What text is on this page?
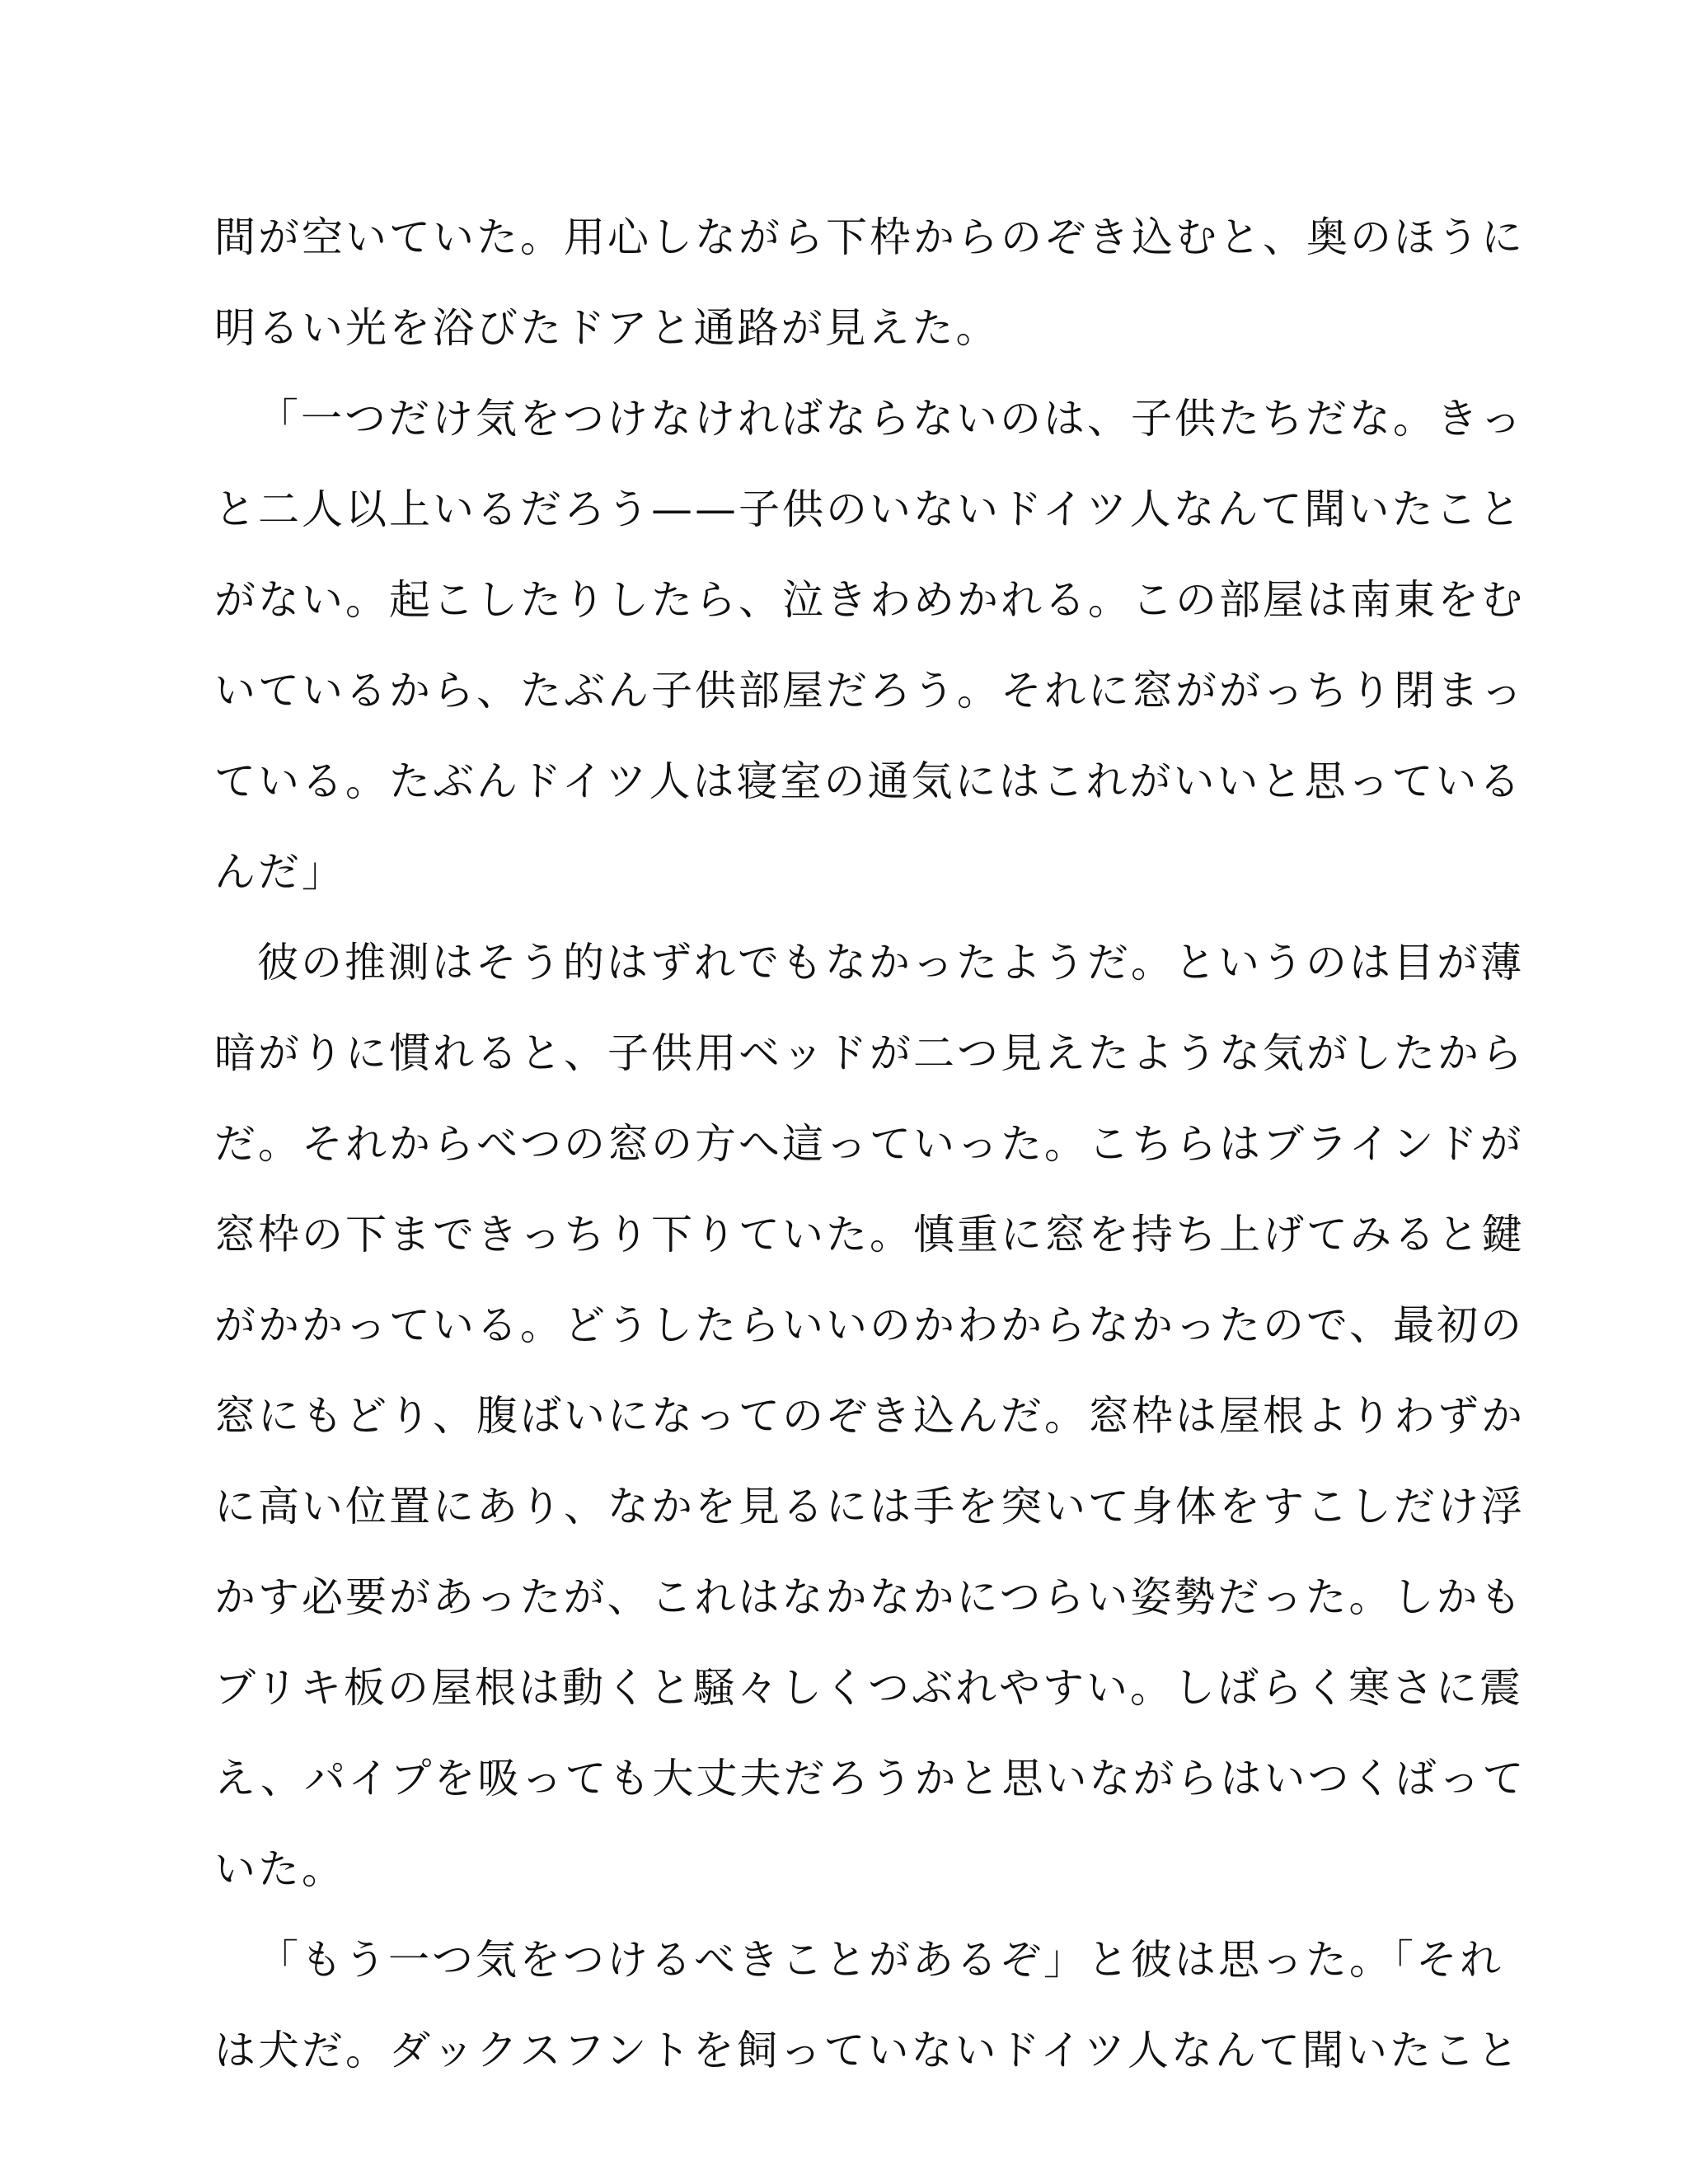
間が空いていた。用心しながら下枠からのぞき込むと、奥のほうに
明るい光を浴びたドアと通路が見えた。
「一つだけ気をつけなければならないのは、子供たちだな。きっ
と二人以上いるだろう——子供のいないドイツ人なんて聞いたこと
がない。起こしたりしたら、泣きわめかれる。この部屋は南東をむ
いているから、たぶん子供部屋だろう。それに窓ががっちり閉まっ
ている。たぶんドイツ人は寝室の通気にはこれがいいと思っている
んだ」
彼の推測はそう的はずれでもなかったようだ。というのは目が薄
暗がりに慣れると、子供用ベッドが二つ見えたような気がしたから
だ。それからべつの窓の方へ這っていった。こちらはブラインドが
窓枠の下まできっちり下りていた。慎重に窓を持ち上げてみると鍵
がかかっている。どうしたらいいのかわからなかったので、最初の
窓にもどり、腹ばいになってのぞき込んだ。窓枠は屋根よりわずか
に高い位置にあり、なかを見るには手を突いて身体をすこしだけ浮
かす必要があったが、これはなかなかにつらい姿勢だった。しかも
ブリキ板の屋根は動くと騒々しくつぶれやすい。しばらく寒さに震
え、パイプを吸っても大丈夫だろうかと思いながらはいつくばって
いた。
「もう一つ気をつけるべきことがあるぞ」と彼は思った。「それ
は犬だ。ダックスフントを飼っていないドイツ人なんて聞いたこと
